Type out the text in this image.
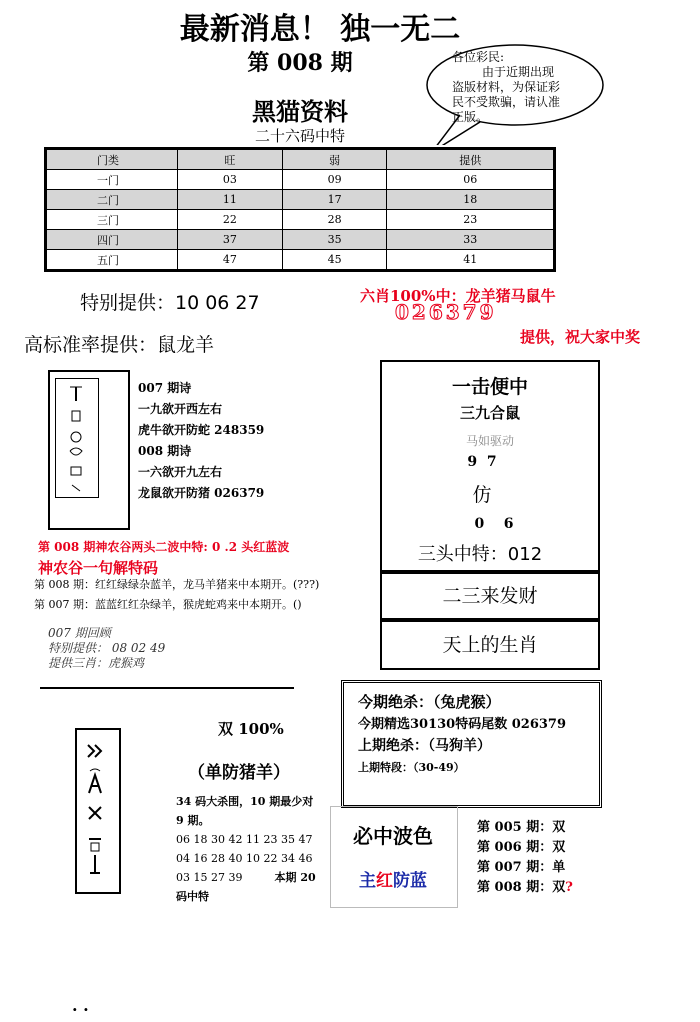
最新消息！ 独一无二
第 008 期
黑猫资料
二十六码中特
各位彩民:
由于近期出现
盗版材料，为保证彩
民不受欺骗，请认准
正版。
门类	旺	弱	提供
一门	03	09	06
二门	11	17	18
三门	22	28	23
四门	37	35	33
五门	47	45	41
特别提供：10 06 27	六肖100%中：龙羊猪马鼠牛
026379
提供，祝大家中奖
高标准率提供：鼠龙羊
007 期诗
一九欲开西左右
虎牛欲开防蛇 248359
008 期诗
一六欲开九左右
龙鼠欲开防猪 026379
一击便中
三九合鼠
马如驱动
9  7
仿
0    6
三头中特：012
二三来发财
天上的生肖
第 008 期神农谷两头二波中特: 0 .2 头红蓝波
神农谷一句解特码
第 008 期：红红绿绿杂蓝羊，龙马羊猪来中本期开。(???)
第 007 期：蓝蓝红红杂绿羊，猴虎蛇鸡来中本期开。()
007 期回顾
特别提供： 08 02 49
提供三肖：虎猴鸡
双 100%
（单防猪羊）
34 码大杀围，10 期最少对
9 期。
06 18 30 42 11 23 35 47
04 16 28 40 10 22 34 46
03 15 27 39	本期 20
码中特
今期绝杀：（兔虎猴）
今期精选30130特码尾数 026379
上期绝杀：（马狗羊）
上期特段：（30-49）
必中波色
主红防蓝
第 005 期：双
第 006 期：双
第 007 期：单
第 008 期：双?
. .
